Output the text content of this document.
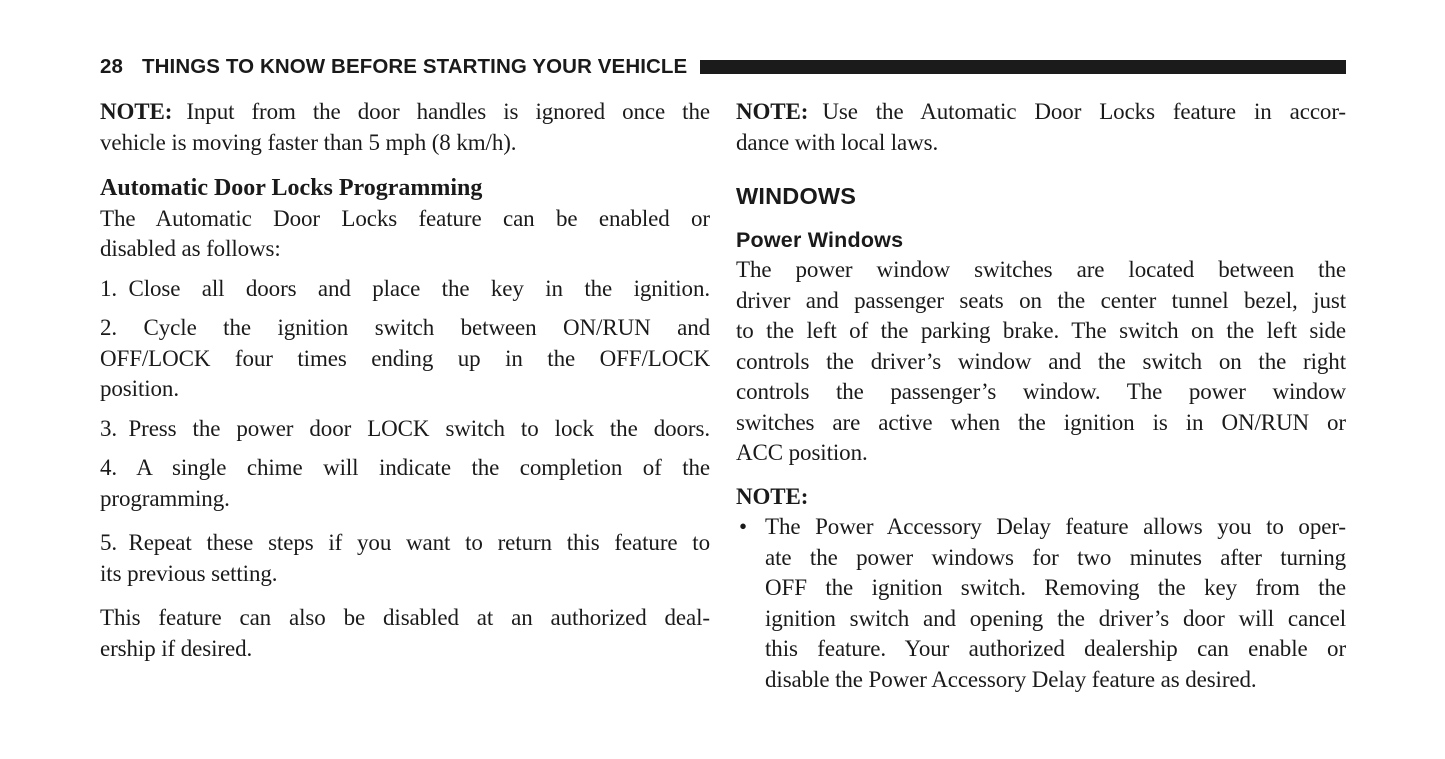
28 THINGS TO KNOW BEFORE STARTING YOUR VEHICLE
NOTE: Input from the door handles is ignored once the
vehicle is moving faster than 5 mph (8 km/h).
Automatic Door Locks Programming
The Automatic Door Locks feature can be enabled or
disabled as follows:
1. Close all doors and place the key in the ignition.
2. Cycle the ignition switch between ON/RUN and
OFF/LOCK four times ending up in the OFF/LOCK
position.
3. Press the power door LOCK switch to lock the doors.
4. A single chime will indicate the completion of the
programming.
5. Repeat these steps if you want to return this feature to
its previous setting.
This feature can also be disabled at an authorized deal-
ership if desired.
NOTE: Use the Automatic Door Locks feature in accor-
dance with local laws.
WINDOWS
Power Windows
The power window switches are located between the
driver and passenger seats on the center tunnel bezel, just
to the left of the parking brake. The switch on the left side
controls the driver’s window and the switch on the right
controls the passenger’s window. The power window
switches are active when the ignition is in ON/RUN or
ACC position.
NOTE:
• The Power Accessory Delay feature allows you to oper-
ate the power windows for two minutes after turning
OFF the ignition switch. Removing the key from the
ignition switch and opening the driver’s door will cancel
this feature. Your authorized dealership can enable or
disable the Power Accessory Delay feature as desired.
